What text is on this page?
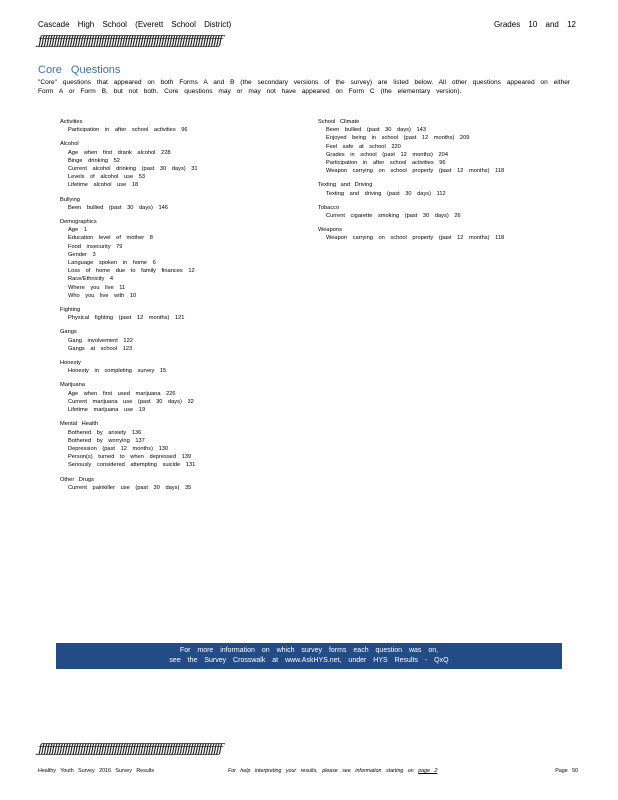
Cascade High School (Everett School District)	Grades 10 and 12
ƒƒƒƒƒƒƒƒƒƒƒƒƒƒƒƒƒƒƒƒƒƒƒƒƒƒƒƒƒƒƒƒƒƒƒƒƒƒƒƒƒƒƒƒƒƒƒƒƒƒƒƒƒƒƒƒƒƒƒƒƒƒƒƒƒƒƒƒƒƒ
Core Questions
"Core" questions that appeared on both Forms A and B (the secondary versions of the survey) are listed below. All other questions appeared on either Form A or Form B, but not both. Core questions may or may not have appeared on Form C (the elementary version).
Activities
Participation in after school activities 96
Alcohol
Age when first drank alcohol 228
Binge drinking 52
Current alcohol drinking (past 30 days) 31
Levels of alcohol use 53
Lifetime alcohol use 18
Bullying
Been bullied (past 30 days) 146
Demographics
Age 1
Education level of mother 8
Food insecurity 79
Gender 3
Language spoken in home 6
Loss of home due to family finances 12
Race/Ethnicity 4
Where you live 11
Who you live with 10
Fighting
Physical fighting (past 12 months) 121
Gangs
Gang involvement 122
Gangs at school 123
Honesty
Honesty in completing survey 15
Marijuana
Age when first used marijuana 226
Current marijuana use (past 30 days) 32
Lifetime marijuana use 19
Mental Health
Bothered by anxiety 136
Bothered by worrying 137
Depression (past 12 months) 130
Person(s) turned to when depressed 139
Seriously considered attempting suicide 131
Other Drugs
Current painkiller use (past 30 days) 35
School Climate
Been bullied (past 30 days) 143
Enjoyed being in school (past 12 months) 209
Feel safe at school 220
Grades in school (past 12 months) 204
Participation in after school activities 96
Weapon carrying on school property (past 12 months) 118
Texting and Driving
Texting and driving (past 30 days) 112
Tobacco
Current cigarette smoking (past 30 days) 26
Weapons
Weapon carrying on school property (past 12 months) 118
For more information on which survey forms each question was on,
see the Survey Crosswalk at www.AskHYS.net, under HYS Results - QxQ
ƒƒƒƒƒƒƒƒƒƒƒƒƒƒƒƒƒƒƒƒƒƒƒƒƒƒƒƒƒƒƒƒƒƒƒƒƒƒƒƒƒƒƒƒƒƒƒƒƒƒƒƒƒƒƒƒƒƒƒƒƒƒƒƒƒƒƒƒƒƒ
Healthy Youth Survey 2016 Survey Results	For help interpreting your results, please see information starting on page 2	Page 50
